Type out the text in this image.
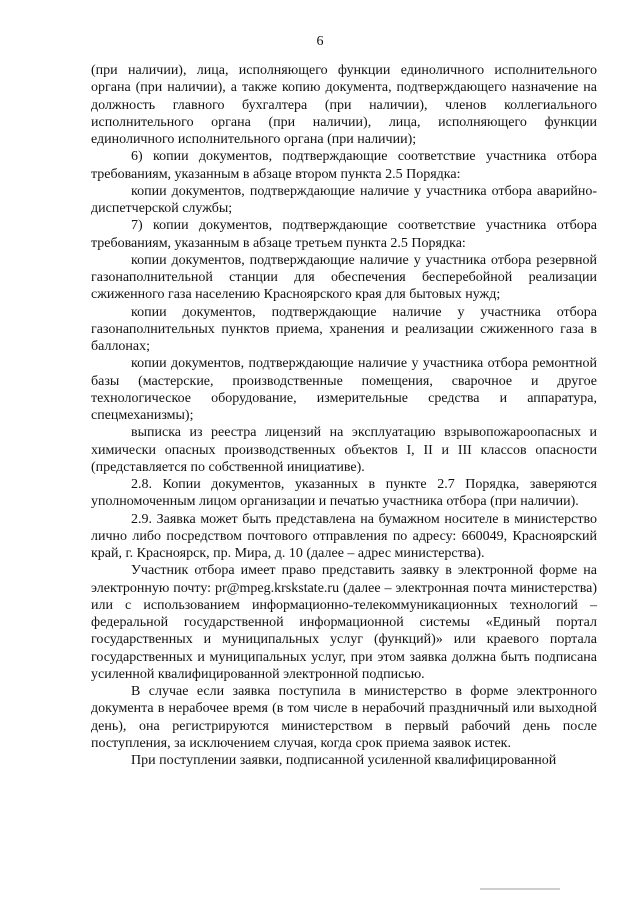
6

(при наличии), лица, исполняющего функции единоличного исполнительного органа (при наличии), а также копию документа, подтверждающего назначение на должность главного бухгалтера (при наличии), членов коллегиального исполнительного органа (при наличии), лица, исполняющего функции единоличного исполнительного органа (при наличии);

6) копии документов, подтверждающие соответствие участника отбора требованиям, указанным в абзаце втором пункта 2.5 Порядка:

копии документов, подтверждающие наличие у участника отбора аварийно-диспетчерской службы;

7) копии документов, подтверждающие соответствие участника отбора требованиям, указанным в абзаце третьем пункта 2.5 Порядка:

копии документов, подтверждающие наличие у участника отбора резервной газонаполнительной станции для обеспечения бесперебойной реализации сжиженного газа населению Красноярского края для бытовых нужд;

копии документов, подтверждающие наличие у участника отбора газонаполнительных пунктов приема, хранения и реализации сжиженного газа в баллонах;

копии документов, подтверждающие наличие у участника отбора ремонтной базы (мастерские, производственные помещения, сварочное и другое технологическое оборудование, измерительные средства и аппаратура, спецмеханизмы);

выписка из реестра лицензий на эксплуатацию взрывопожароопасных и химически опасных производственных объектов I, II и III классов опасности (представляется по собственной инициативе).

2.8. Копии документов, указанных в пункте 2.7 Порядка, заверяются уполномоченным лицом организации и печатью участника отбора (при наличии).

2.9. Заявка может быть представлена на бумажном носителе в министерство лично либо посредством почтового отправления по адресу: 660049, Красноярский край, г. Красноярск, пр. Мира, д. 10 (далее – адрес министерства).

Участник отбора имеет право представить заявку в электронной форме на электронную почту: pr@mpeg.krskstate.ru (далее – электронная почта министерства) или с использованием информационно-телекоммуникационных технологий – федеральной государственной информационной системы «Единый портал государственных и муниципальных услуг (функций)» или краевого портала государственных и муниципальных услуг, при этом заявка должна быть подписана усиленной квалифицированной электронной подписью.

В случае если заявка поступила в министерство в форме электронного документа в нерабочее время (в том числе в нерабочий праздничный или выходной день), она регистрируются министерством в первый рабочий день после поступления, за исключением случая, когда срок приема заявок истек.

При поступлении заявки, подписанной усиленной квалифицированной
